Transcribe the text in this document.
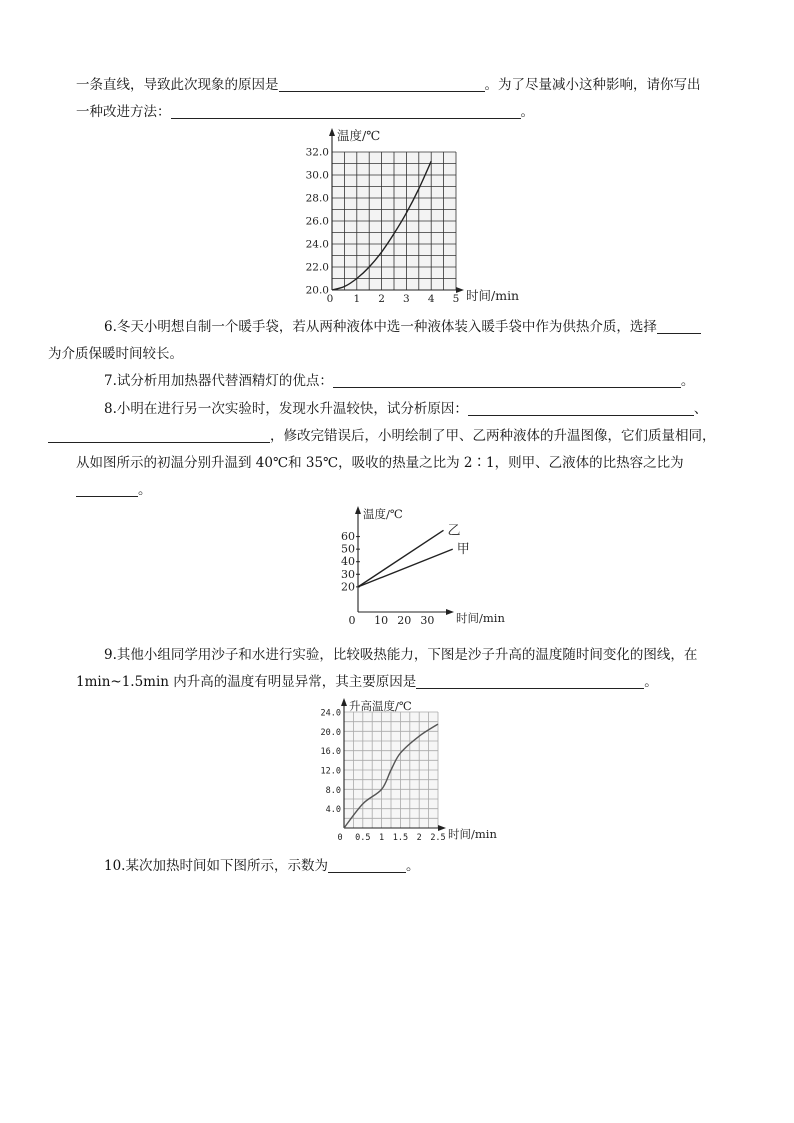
一条直线，导致此次现象的原因是	。为了尽量减小这种影响，请你写出
一种改进方法：	。
温度/℃
时间/min
0 1 2 3 4 5
20.0
22.0
24.0
26.0
28.0
30.0
32.0
6.冬天小明想自制一个暖手袋，若从两种液体中选一种液体装入暖手袋中作为供热介质，选择
为介质保暖时间较长。
7.试分析用加热器代替酒精灯的优点：	。
8.小明在进行另一次实验时，发现水升温较快，试分析原因：	、
，修改完错误后，小明绘制了甲、乙两种液体的升温图像，它们质量相同，从如图所示的初温分别升温到 40℃和 35℃，吸收的热量之比为 2∶1，则甲、乙液体的比热容之比为。
温度/℃
时间/min
0 10 20 30
20
30
40
50
60	乙
甲
9.其他小组同学用沙子和水进行实验，比较吸热能力，下图是沙子升高的温度随时间变化的图线，在 1min~1.5min 内升高的温度有明显异常，其主要原因是	。
升高温度/℃
时间/min
0 0.5 1 1.5 2 2.5
4.0
8.0
12.0
16.0
20.0
24.0
10.某次加热时间如下图所示，示数为	。
